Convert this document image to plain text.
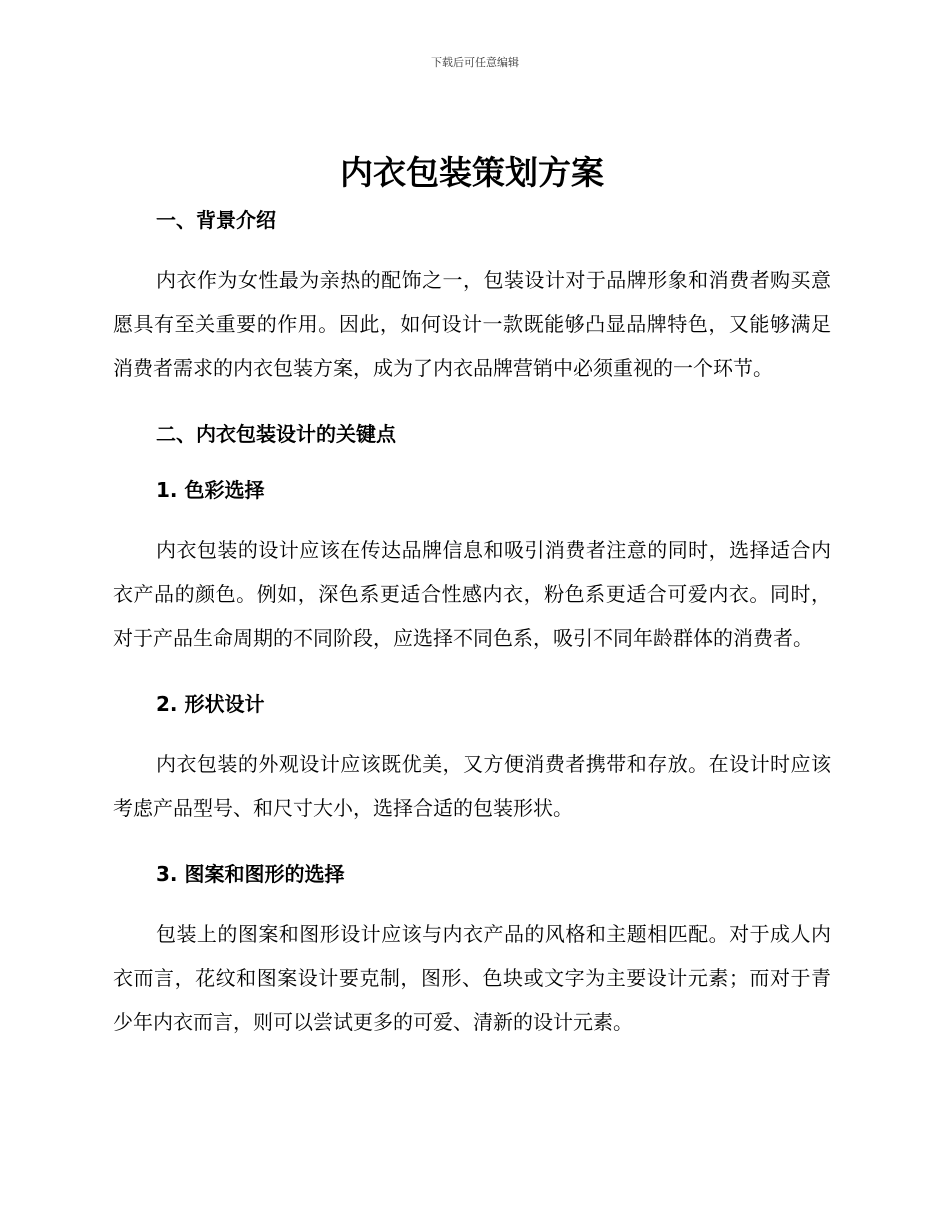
下载后可任意编辑
内衣包装策划方案
一、背景介绍

内衣作为女性最为亲热的配饰之一，包装设计对于品牌形象和消费者购买意愿具有至关重要的作用。因此，如何设计一款既能够凸显品牌特色，又能够满足消费者需求的内衣包装方案，成为了内衣品牌营销中必须重视的一个环节。

二、内衣包装设计的关键点
1. 色彩选择

内衣包装的设计应该在传达品牌信息和吸引消费者注意的同时，选择适合内衣产品的颜色。例如，深色系更适合性感内衣，粉色系更适合可爱内衣。同时，对于产品生命周期的不同阶段，应选择不同色系，吸引不同年龄群体的消费者。

2. 形状设计

内衣包装的外观设计应该既优美，又方便消费者携带和存放。在设计时应该考虑产品型号、和尺寸大小，选择合适的包装形状。

3. 图案和图形的选择

包装上的图案和图形设计应该与内衣产品的风格和主题相匹配。对于成人内衣而言，花纹和图案设计要克制，图形、色块或文字为主要设计元素；而对于青少年内衣而言，则可以尝试更多的可爱、清新的设计元素。
